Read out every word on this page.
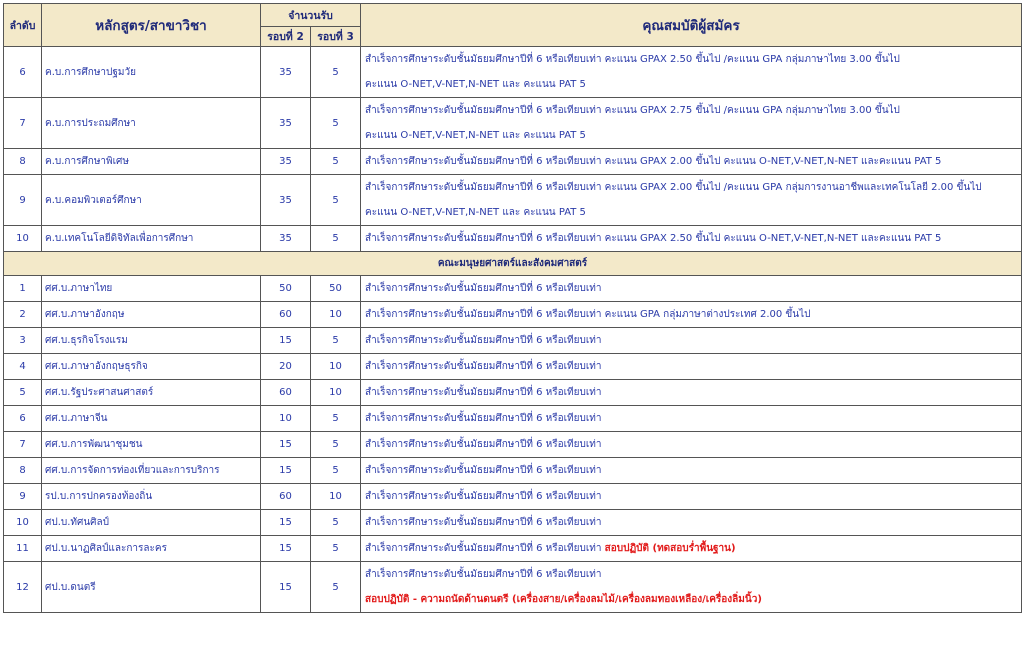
ลำดับ	หลักสูตร/สาขาวิชา	จำนวนรับ		คุณสมบัติผู้สมัคร
		รอบที่ 2	รอบที่ 3	
6	ค.บ.การศึกษาปฐมวัย	35	5	สำเร็จการศึกษาระดับชั้นมัธยมศึกษาปีที่ 6 หรือเทียบเท่า คะแนน GPAX 2.50 ขึ้นไป /คะแนน GPA กลุ่มภาษาไทย 3.00 ขึ้นไป
คะแนน O-NET,V-NET,N-NET และ คะแนน PAT 5

7	ค.บ.การประถมศึกษา	35	5	สำเร็จการศึกษาระดับชั้นมัธยมศึกษาปีที่ 6 หรือเทียบเท่า คะแนน GPAX 2.75 ขึ้นไป /คะแนน GPA กลุ่มภาษาไทย 3.00 ขึ้นไป
คะแนน O-NET,V-NET,N-NET และ คะแนน PAT 5

8	ค.บ.การศึกษาพิเศษ	35	5	สำเร็จการศึกษาระดับชั้นมัธยมศึกษาปีที่ 6 หรือเทียบเท่า คะแนน GPAX 2.00 ขึ้นไป คะแนน O-NET,V-NET,N-NET และคะแนน PAT 5
9	ค.บ.คอมพิวเตอร์ศึกษา	35	5	สำเร็จการศึกษาระดับชั้นมัธยมศึกษาปีที่ 6 หรือเทียบเท่า คะแนน GPAX 2.00 ขึ้นไป /คะแนน GPA กลุ่มการงานอาชีพและเทคโนโลยี 2.00 ขึ้นไป
คะแนน O-NET,V-NET,N-NET และ คะแนน PAT 5

10	ค.บ.เทคโนโลยีดิจิทัลเพื่อการศึกษา	35	5	สำเร็จการศึกษาระดับชั้นมัธยมศึกษาปีที่ 6 หรือเทียบเท่า คะแนน GPAX 2.50 ขึ้นไป คะแนน O-NET,V-NET,N-NET และคะแนน PAT 5
คณะมนุษยศาสตร์และสังคมศาสตร์				
1	ศศ.บ.ภาษาไทย	50	50	สำเร็จการศึกษาระดับชั้นมัธยมศึกษาปีที่ 6 หรือเทียบเท่า
2	ศศ.บ.ภาษาอังกฤษ	60	10	สำเร็จการศึกษาระดับชั้นมัธยมศึกษาปีที่ 6 หรือเทียบเท่า คะแนน GPA กลุ่มภาษาต่างประเทศ 2.00 ขึ้นไป
3	ศศ.บ.ธุรกิจโรงแรม	15	5	สำเร็จการศึกษาระดับชั้นมัธยมศึกษาปีที่ 6 หรือเทียบเท่า
4	ศศ.บ.ภาษาอังกฤษธุรกิจ	20	10	สำเร็จการศึกษาระดับชั้นมัธยมศึกษาปีที่ 6 หรือเทียบเท่า
5	ศศ.บ.รัฐประศาสนศาสตร์	60	10	สำเร็จการศึกษาระดับชั้นมัธยมศึกษาปีที่ 6 หรือเทียบเท่า
6	ศศ.บ.ภาษาจีน	10	5	สำเร็จการศึกษาระดับชั้นมัธยมศึกษาปีที่ 6 หรือเทียบเท่า
7	ศศ.บ.การพัฒนาชุมชน	15	5	สำเร็จการศึกษาระดับชั้นมัธยมศึกษาปีที่ 6 หรือเทียบเท่า
8	ศศ.บ.การจัดการท่องเที่ยวและการบริการ	15	5	สำเร็จการศึกษาระดับชั้นมัธยมศึกษาปีที่ 6 หรือเทียบเท่า
9	รป.บ.การปกครองท้องถิ่น	60	10	สำเร็จการศึกษาระดับชั้นมัธยมศึกษาปีที่ 6 หรือเทียบเท่า
10	ศป.บ.ทัศนศิลป์	15	5	สำเร็จการศึกษาระดับชั้นมัธยมศึกษาปีที่ 6 หรือเทียบเท่า
11	ศป.บ.นาฏศิลป์และการละคร	15	5	สำเร็จการศึกษาระดับชั้นมัธยมศึกษาปีที่ 6 หรือเทียบเท่า สอบปฏิบัติ (ทดสอบร่ำพื้นฐาน)
12	ศป.บ.ดนตรี	15	5	สำเร็จการศึกษาระดับชั้นมัธยมศึกษาปีที่ 6 หรือเทียบเท่า
สอบปฏิบัติ - ความถนัดด้านดนตรี (เครื่องสาย/เครื่องลมไม้/เครื่องลมทองเหลือง/เครื่องลิ่มนิ้ว)
